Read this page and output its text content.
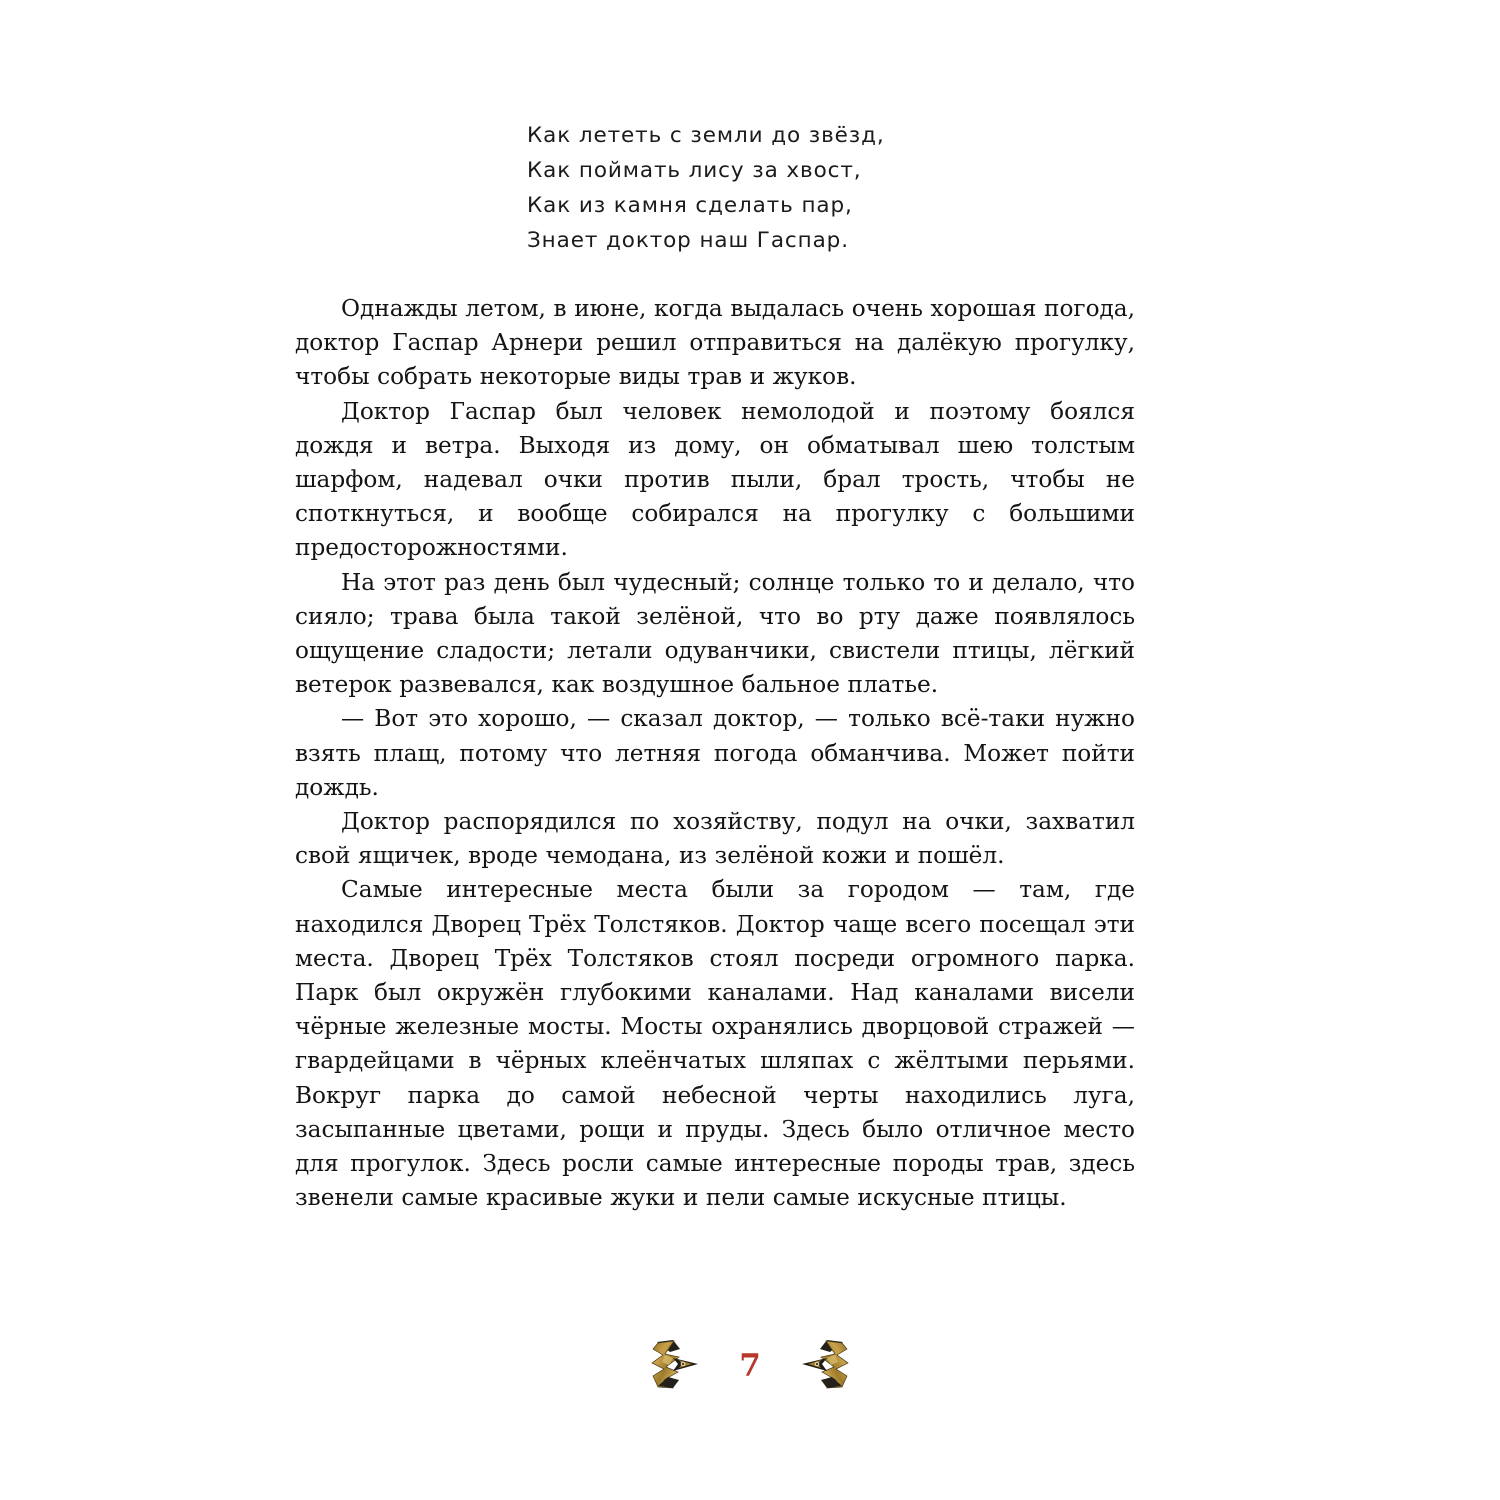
Как лететь с земли до звёзд,
Как поймать лису за хвост,
Как из камня сделать пар,
Знает доктор наш Гаспар.

Однажды летом, в июне, когда выдалась очень хорошая погода, доктор Гаспар Арнери решил отправиться на далёкую прогулку, чтобы собрать некоторые виды трав и жуков.

Доктор Гаспар был человек немолодой и поэтому боялся дождя и ветра. Выходя из дому, он обматывал шею толстым шарфом, надевал очки против пыли, брал трость, чтобы не споткнуться, и вообще собирался на прогулку с большими предосторожностями.

На этот раз день был чудесный; солнце только то и делало, что сияло; трава была такой зелёной, что во рту даже появлялось ощущение сладости; летали одуванчики, свистели птицы, лёгкий ветерок развевался, как воздушное бальное платье.

— Вот это хорошо, — сказал доктор, — только всё-таки нужно взять плащ, потому что летняя погода обманчива. Может пойти дождь.

Доктор распорядился по хозяйству, подул на очки, захватил свой ящичек, вроде чемодана, из зелёной кожи и пошёл.

Самые интересные места были за городом — там, где находился Дворец Трёх Толстяков. Доктор чаще всего посещал эти места. Дворец Трёх Толстяков стоял посреди огромного парка. Парк был окружён глубокими каналами. Над каналами висели чёрные железные мосты. Мосты охранялись дворцовой стражей — гвардейцами в чёрных клеёнчатых шляпах с жёлтыми перьями. Вокруг парка до самой небесной черты находились луга, засыпанные цветами, рощи и пруды. Здесь было отличное место для прогулок. Здесь росли самые интересные породы трав, здесь звенели самые красивые жуки и пели самые искусные птицы.

7
